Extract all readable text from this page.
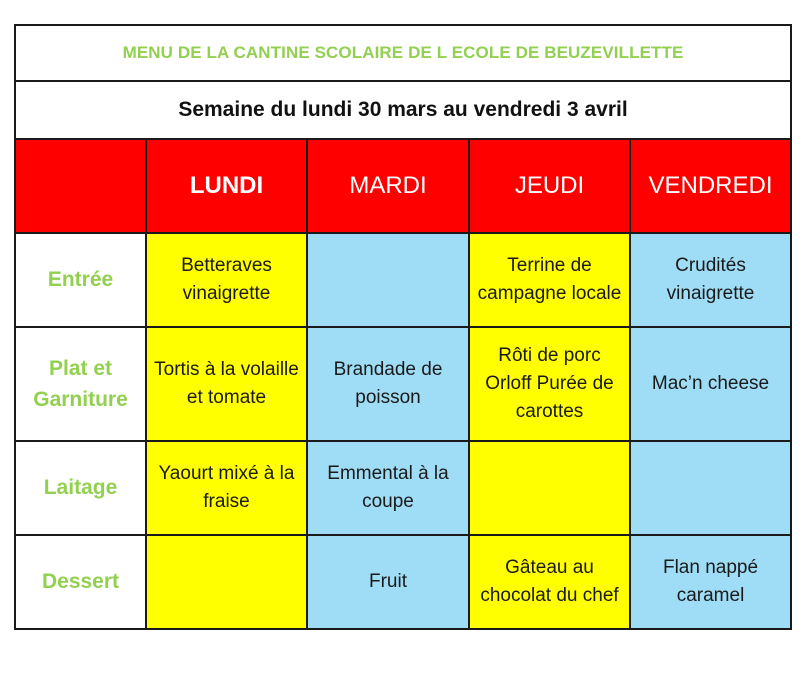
MENU DE LA CANTINE SCOLAIRE DE L ECOLE DE BEUZEVILLETTE				
Semaine du lundi 30 mars au vendredi 3 avril				
	LUNDI	MARDI	JEUDI	VENDREDI
Entrée	Betteraves vinaigrette		Terrine de campagne locale	Crudités vinaigrette
Plat et Garniture	Tortis à la volaille et tomate	Brandade de poisson	Rôti de porc Orloff Purée de carottes	Mac’n cheese
Laitage	Yaourt mixé à la fraise	Emmental à la coupe		
Dessert		Fruit	Gâteau au chocolat du chef	Flan nappé caramel
